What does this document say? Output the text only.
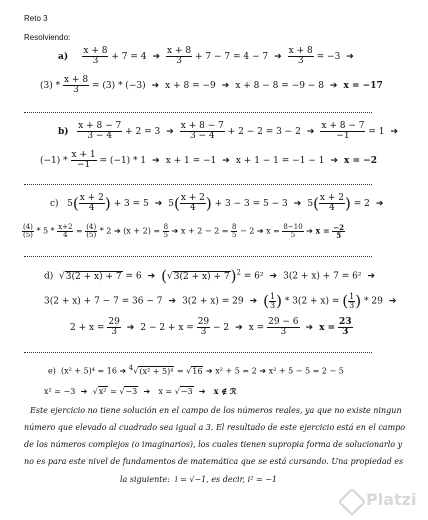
Reto 3
Resolviendo:
$a) \frac{x + 8}{3} + 7 = 4$  ➔ $\frac{x + 8}{3} + 7 - 7 = 4 - 7$  ➔ $\frac{x + 8}{3} = -3$  ➔
$(3) * \frac{x + 8}{3} = (3) * (-3)$  ➔  x + 8 = −9  ➔  x + 8 − 8 = −9 − 8  ➔  x = −17
$b) \frac{x + 8 - 7}{3 - 4} + 2 = 3$  ➔ $\frac{x + 8 - 7}{3 - 4} + 2 - 2 = 3 - 2$  ➔ $\frac{x + 8 - 7}{-1} = 1$  ➔
$(-1) * \frac{x + 1}{-1} = (-1) * 1$  ➔  x + 1 = −1  ➔  x + 1 − 1 = −1 − 1  ➔  x = −2
c) $5( \frac{x + 2}{4}$ ) + 3 = 5  ➔  $5( \frac{x + 2}{4}$ ) + 3 − 3 = 5 − 3  ➔  $5( \frac{x + 2}{4}$ ) = 2  ➔
$\frac{(4)}{(5)} * 5 * \frac{x+2}{4} = \frac{(4)}{(5)} * 2$ ➔ $(x + 2) = \frac{8}{5}$ ➔ $x + 2 - 2 = \frac{8}{5} - 2$ ➔ $x = \frac{8-10}{5}$ ➔ $x = \frac{-2}{5}$
d) √3(2 + x) + 7 = 6  ➔  $(√3(2 + x) + 7)^2 = 6^2$  ➔  3(2 + x) + 7 = 6²  ➔
3(2 + x) + 7 − 7 = 36 − 7  ➔  3(2 + x) = 29  ➔  ( $\frac{1}{3}$ ) * 3(2 + x) = ( $\frac{1}{3}$ ) * 29  ➔
$2 + x = \frac{29}{3}$ ➔  $2 - 2 + x = \frac{29}{3} - 2$  ➔  $x = \frac{29 - 6}{3}$ ➔  $x = \frac{23}{3}$
e) (x² + 5)⁴ = 16 ➔ $^4$√(x² + 5)⁴ = √16 ➔ x² + 5 = 2 ➔ x² + 5 − 5 = 2 − 5
x² = −3  ➔  √x² = √−3  ➔   x = √−3  ➔   x ∉ ℛ
Este ejercicio no tiene solución en el campo de los números reales, ya que no existe ningun
número que elevado al cuadrado sea igual a 3. El resultado de este ejercicio está en el campo
de los números complejos (o imaginarios), los cuales tienen supropia forma de solucionarlo y
no es para este nivel de fundamentos de matemática que se está cursando. Una propiedad es
la siguiente: i = √−1, es decir, i² = −1
Platzi
